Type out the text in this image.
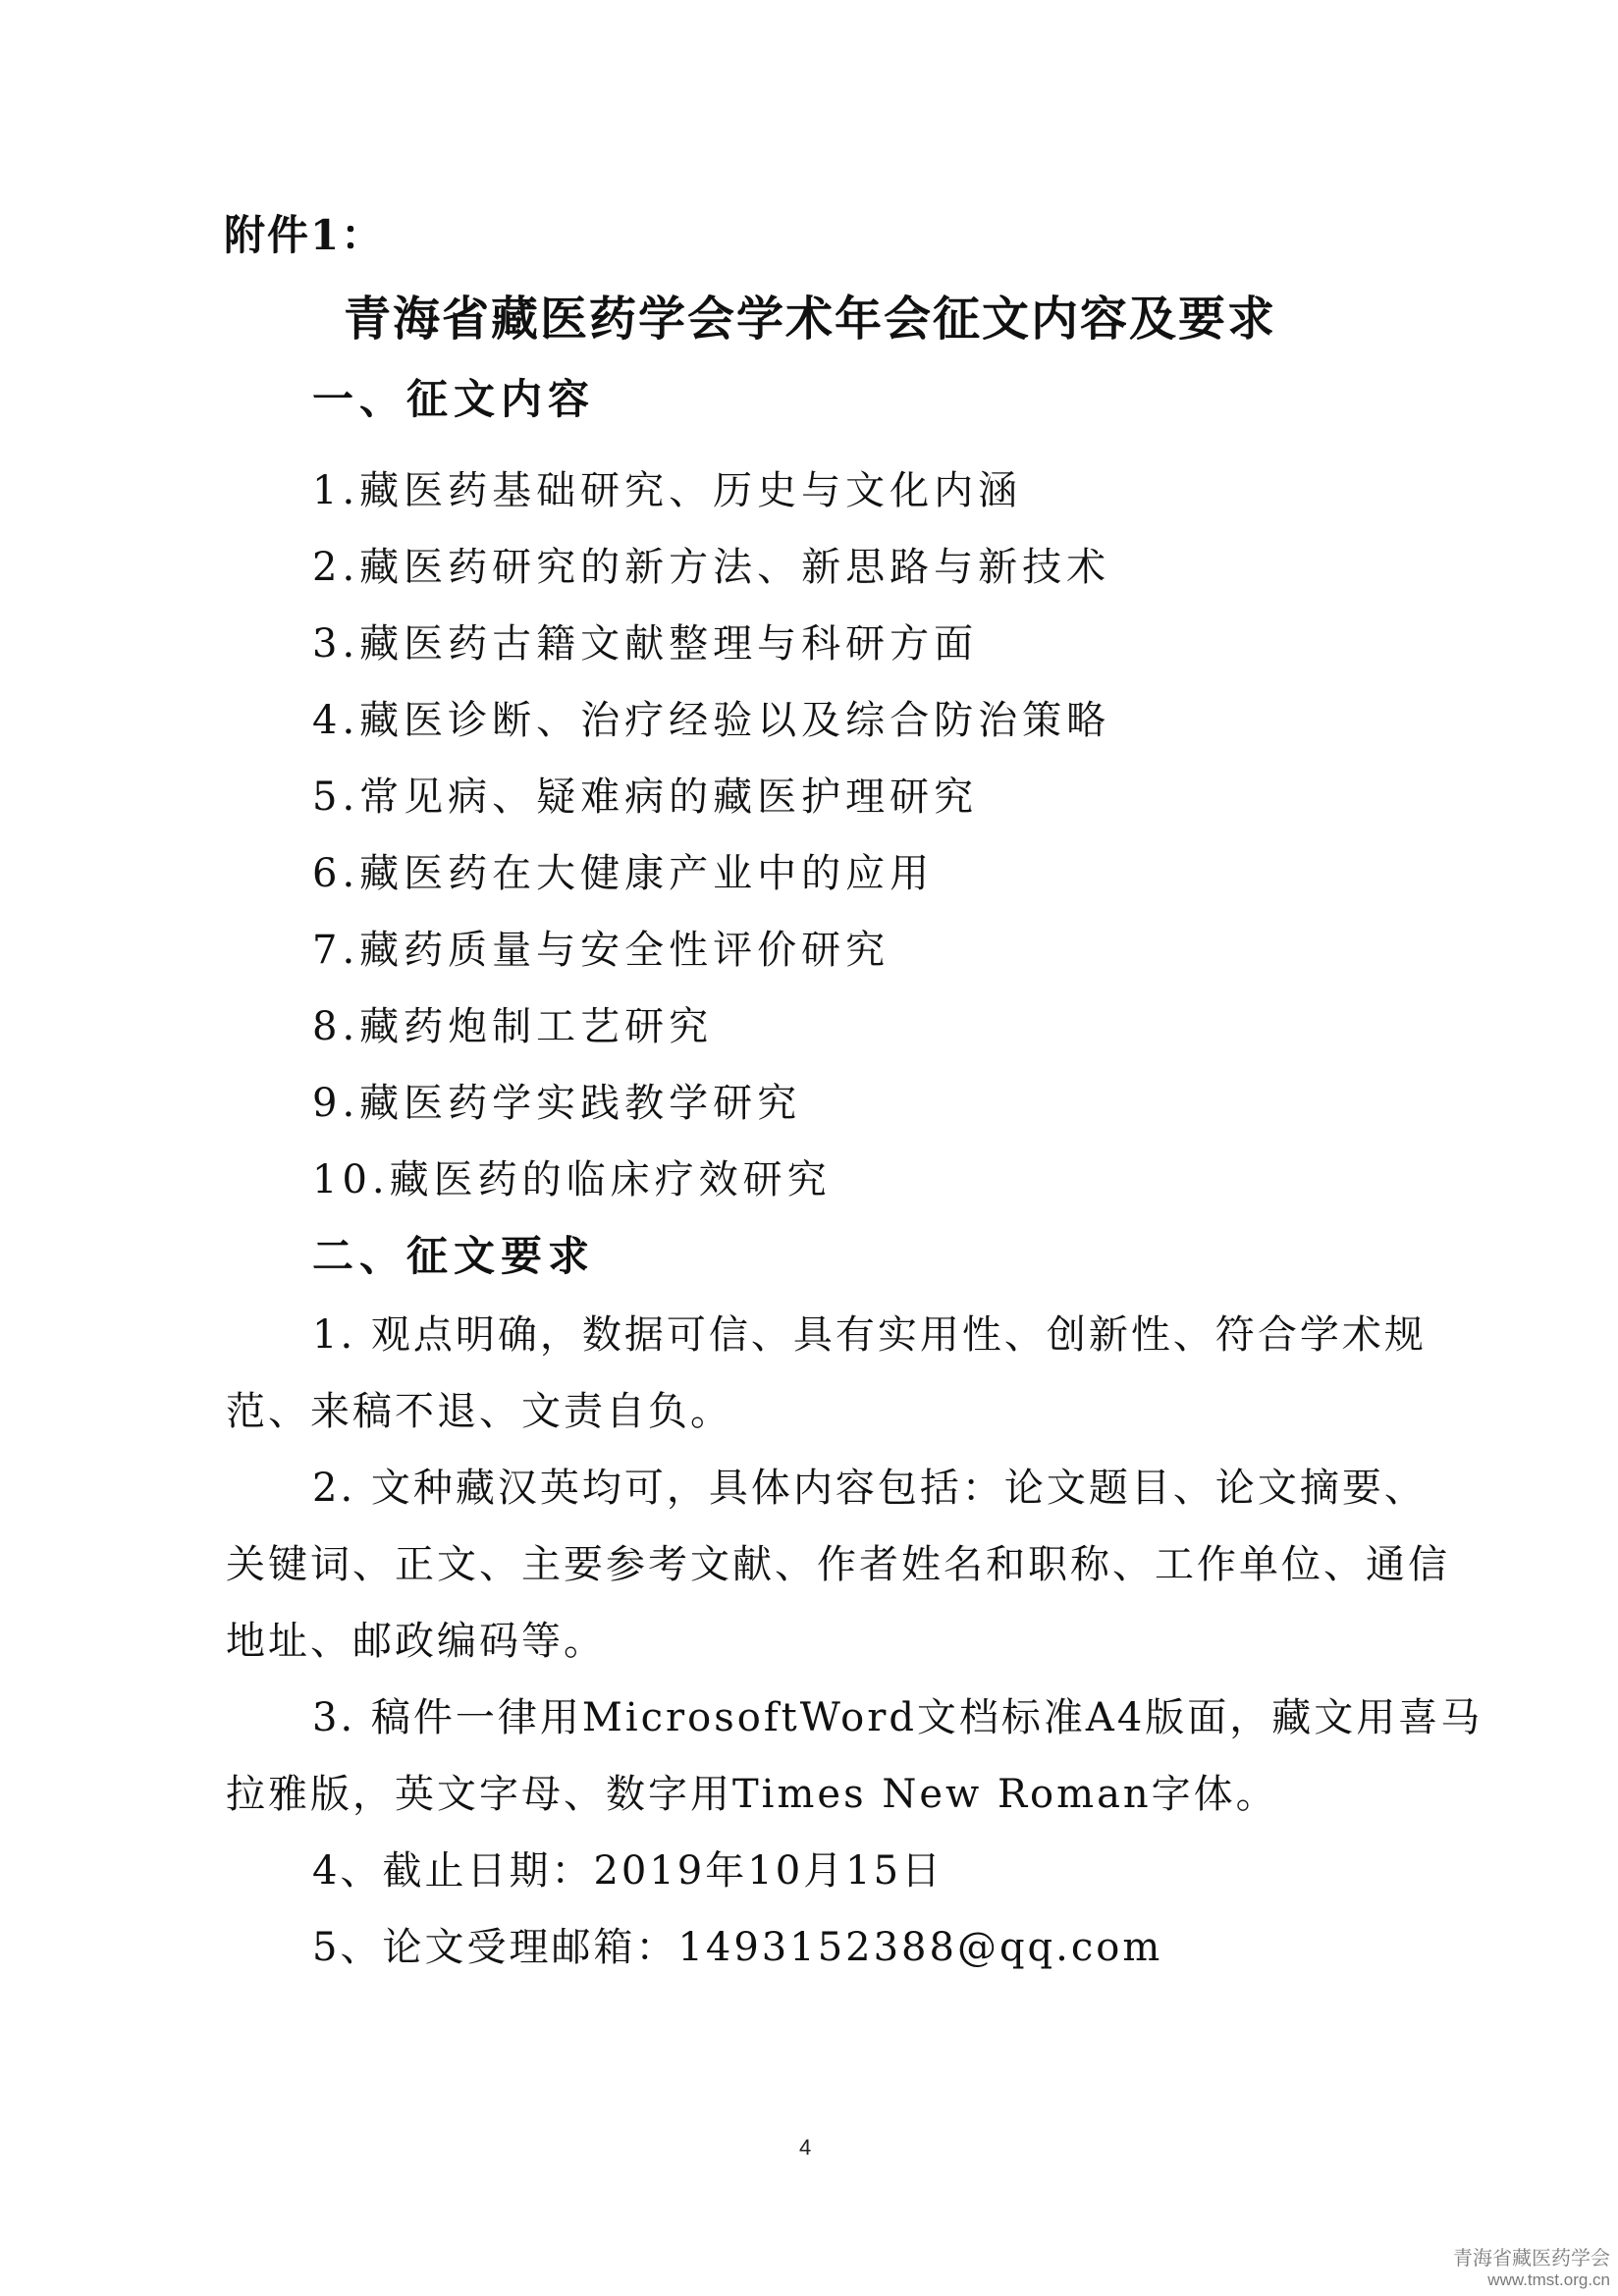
附件1：
青海省藏医药学会学术年会征文内容及要求
一、征文内容
1.藏医药基础研究、历史与文化内涵
2.藏医药研究的新方法、新思路与新技术
3.藏医药古籍文献整理与科研方面
4.藏医诊断、治疗经验以及综合防治策略
5.常见病、疑难病的藏医护理研究
6.藏医药在大健康产业中的应用
7.藏药质量与安全性评价研究
8.藏药炮制工艺研究
9.藏医药学实践教学研究
10.藏医药的临床疗效研究
二、征文要求
1. 观点明确，数据可信、具有实用性、创新性、符合学术规
范、来稿不退、文责自负。
2. 文种藏汉英均可，具体内容包括：论文题目、论文摘要、
关键词、正文、主要参考文献、作者姓名和职称、工作单位、通信
地址、邮政编码等。
3. 稿件一律用MicrosoftWord文档标准A4版面，藏文用喜马
拉雅版，英文字母、数字用Times New Roman字体。
4、截止日期：2019年10月15日
5、论文受理邮箱：1493152388@qq.com
4
青海省藏医药学会
www.tmst.org.cn
